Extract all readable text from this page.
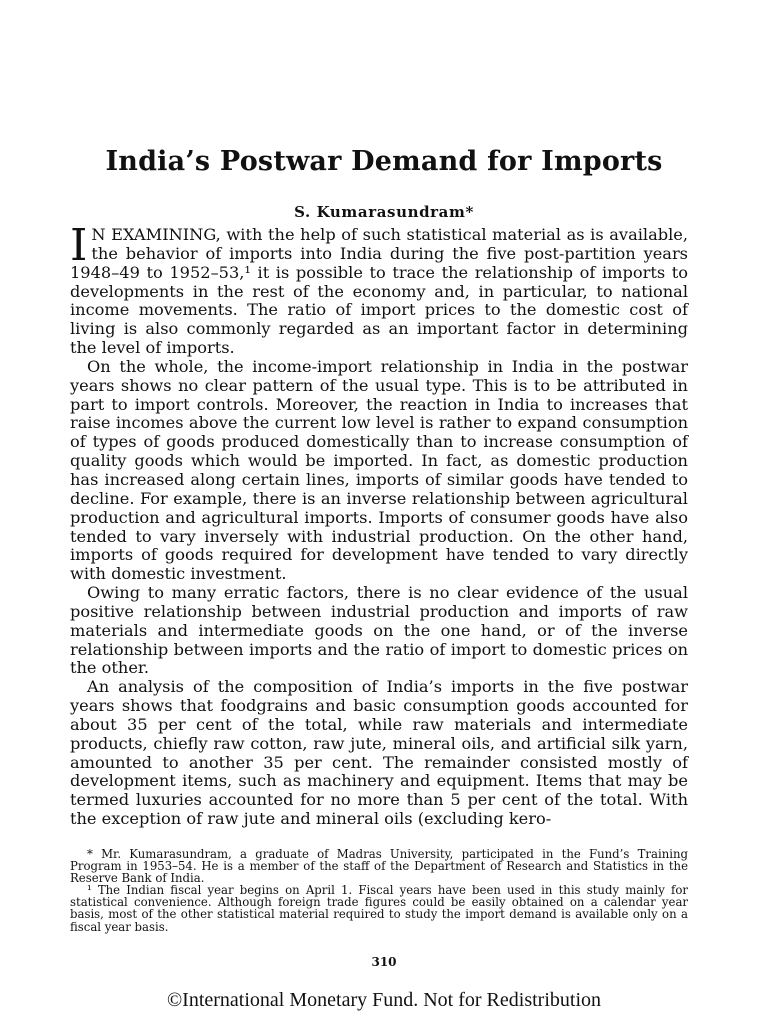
India’s Postwar Demand for Imports
S. Kumarasundram*

I N EXAMINING, with the help of such statistical material as is available, the behavior of imports into India during the five post-partition years 1948–49 to 1952–53,¹ it is possible to trace the relationship of imports to developments in the rest of the economy and, in particular, to national income movements. The ratio of import prices to the domestic cost of living is also commonly regarded as an important factor in determining the level of imports.

On the whole, the income-import relationship in India in the postwar years shows no clear pattern of the usual type. This is to be attributed in part to import controls. Moreover, the reaction in India to increases that raise incomes above the current low level is rather to expand consumption of types of goods produced domestically than to increase consumption of quality goods which would be imported. In fact, as domestic production has increased along certain lines, imports of similar goods have tended to decline. For example, there is an inverse relationship between agricultural production and agricultural imports. Imports of consumer goods have also tended to vary inversely with industrial production. On the other hand, imports of goods required for development have tended to vary directly with domestic investment.

Owing to many erratic factors, there is no clear evidence of the usual positive relationship between industrial production and imports of raw materials and intermediate goods on the one hand, or of the inverse relationship between imports and the ratio of import to domestic prices on the other.

An analysis of the composition of India’s imports in the five postwar years shows that foodgrains and basic consumption goods accounted for about 35 per cent of the total, while raw materials and intermediate products, chiefly raw cotton, raw jute, mineral oils, and artificial silk yarn, amounted to another 35 per cent. The remainder consisted mostly of development items, such as machinery and equipment. Items that may be termed luxuries accounted for no more than 5 per cent of the total. With the exception of raw jute and mineral oils (excluding kero-

* Mr. Kumarasundram, a graduate of Madras University, participated in the Fund’s Training Program in 1953–54. He is a member of the staff of the Department of Research and Statistics in the Reserve Bank of India.

¹ The Indian fiscal year begins on April 1. Fiscal years have been used in this study mainly for statistical convenience. Although foreign trade figures could be easily obtained on a calendar year basis, most of the other statistical material required to study the import demand is available only on a fiscal year basis.

310
©International Monetary Fund. Not for Redistribution
